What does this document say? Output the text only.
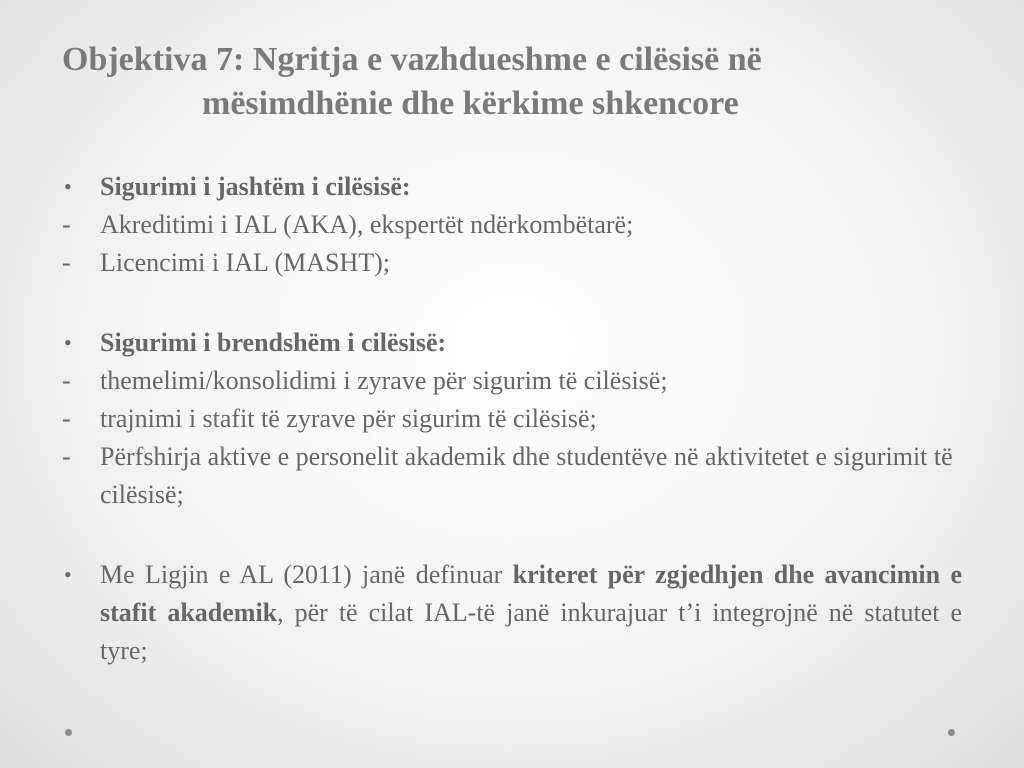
Objektiva 7: Ngritja e vazhdueshme e cilësisë në
mësimdhënie dhe kërkime shkencore
•	Sigurimi i jashtëm i cilësisë:
-	Akreditimi i IAL (AKA), ekspertët ndërkombëtarë;
-	Licencimi i IAL (MASHT);
•	Sigurimi i brendshëm i cilësisë:
-	themelimi/konsolidimi i zyrave për sigurim të cilësisë;
-	trajnimi i stafit të zyrave për sigurim të cilësisë;
-	Përfshirja aktive e personelit akademik dhe studentëve në aktivitetet e sigurimit të cilësisë;
•	Me Ligjin e AL (2011) janë definuar kriteret për zgjedhjen dhe avancimin e stafit akademik, për të cilat IAL-të janë inkurajuar t’i integrojnë në statutet e tyre;
